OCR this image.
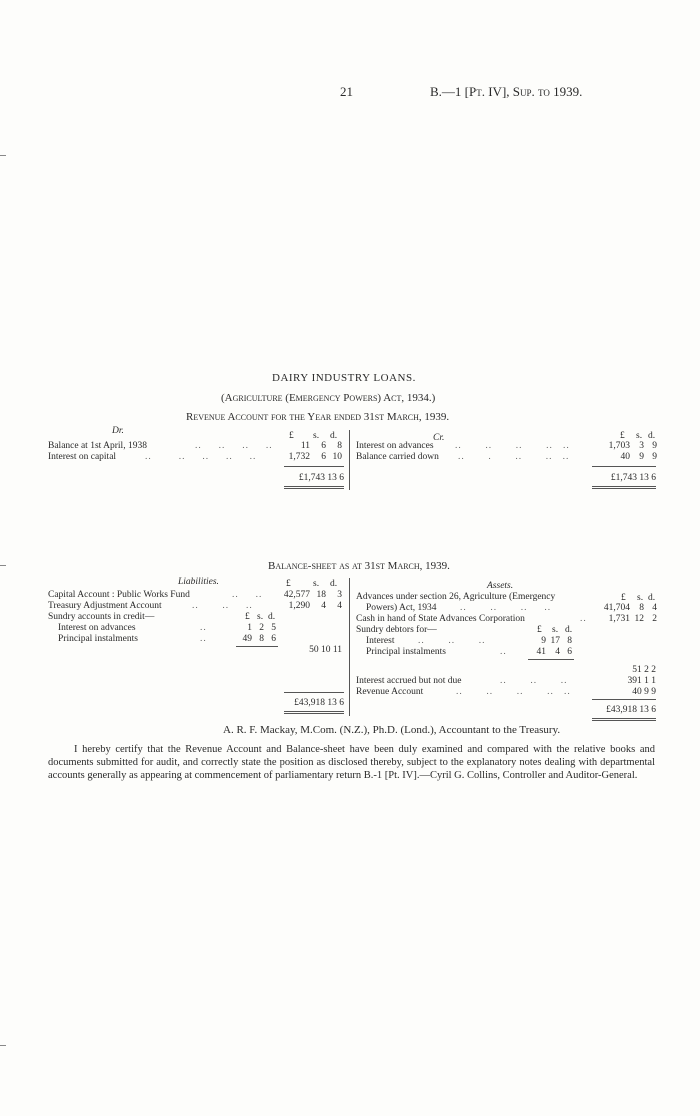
21	B.—1 [Pt. IV], Sup. to 1939.
DAIRY INDUSTRY LOANS.
(Agriculture (Emergency Powers) Act, 1934.)
Revenue Account for the Year ended 31st March, 1939.
Dr.
Cr.
£ s. d.	£ s. d.
Balance at 1st April, 1938	..     ..     ..     ..	11	6	8
Interest on capital	..        ..     ..     ..     ..	1,732	6 10
£1,743 13 6
Interest on advances ..       ..       ..       ..   ..	1,703 3 9
Balance carried down ..       .       ..       ..   ..	40 9 9
£1,743 13 6
Balance-sheet as at 31st March, 1939.
Liabilities.	Assets.
£ s. d.
Capital Account : Public Works Fund	..     ..	42,577 18	3
Treasury Adjustment Account	..       ..     ..	1,290	4	4
Sundry accounts in credit—	£ s. d.
Interest on advances	..	1 2 5
Principal instalments	..	49 8 6
50 10 11
£43,918 13 6
£ s. d.
Advances under section 26, Agriculture (Emergency
Powers) Act, 1934 ..       ..       ..     ..	41,704 8 4
Cash in hand of State Advances Corporation	..	1,731 12 2
Sundry debtors for—	£ s. d.
Interest ..       ..       ..	9 17 8
Principal instalments	..	41 4 6
51 2 2
Interest accrued but not due	..       ..       ..	391 1 1
Revenue Account	..       ..       ..       ..   ..	40 9 9
£43,918 13 6
A. R. F. Mackay, M.Com. (N.Z.), Ph.D. (Lond.), Accountant to the Treasury.
I hereby certify that the Revenue Account and Balance-sheet have been duly examined and compared with the relative books and documents submitted for audit, and correctly state the position as disclosed thereby, subject to the explanatory notes dealing with departmental accounts generally as appearing at commencement of parliamentary return B.-1 [Pt. IV].—Cyril G. Collins, Controller and Auditor-General.
